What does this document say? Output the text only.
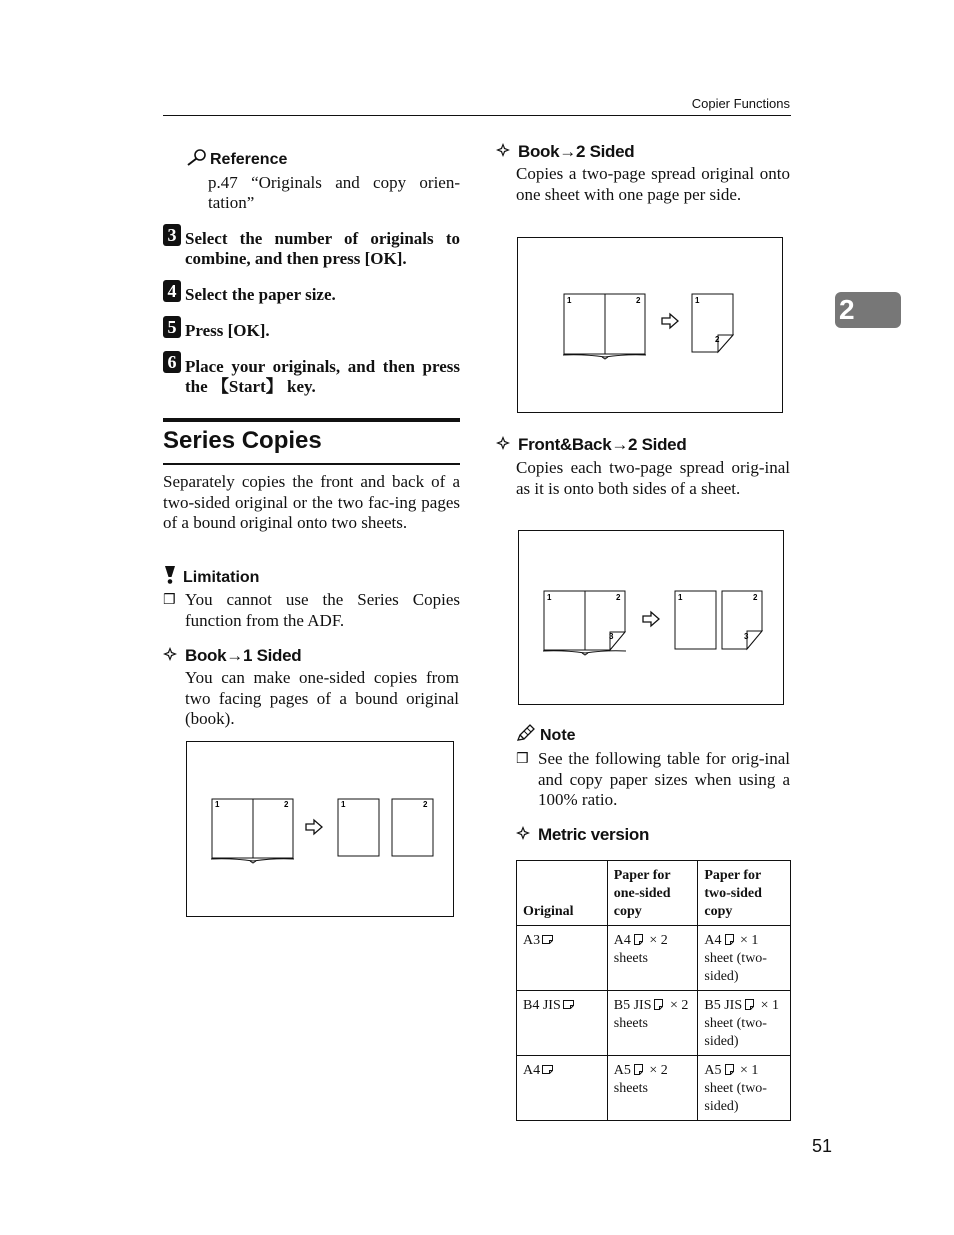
Copier Functions
2
Reference
p.47 “Originals and copy orien-tation”
3 Select the number of originals to combine, and then press [OK].
4 Select the paper size.
5 Press [OK].
6 Place your originals, and then press the 【Start】 key.
Series Copies
Separately copies the front and back of a two-sided original or the two fac-ing pages of a bound original onto two sheets.
Limitation
❒ You cannot use the Series Copies function from the ADF.
Book→1 Sided
You can make one-sided copies from two facing pages of a bound original (book).
1	2	1	2
Book→2 Sided
Copies a two-page spread original onto one sheet with one page per side.
1	2	1
2
Front&Back→2 Sided
Copies each two-page spread orig-inal as it is onto both sides of a sheet.
1	2
3
1	2
3
Note
❒ See the following table for orig-inal and copy paper sizes when using a 100% ratio.
Metric version
Original	Paper for one-sided copy	Paper for two-sided copy
A3	A4 × 2 sheets	A4 × 1 sheet (two-sided)
B4 JIS	B5 JIS × 2 sheets	B5 JIS × 1 sheet (two-sided)
A4	A5 × 2 sheets	A5 × 1 sheet (two-sided)
51
